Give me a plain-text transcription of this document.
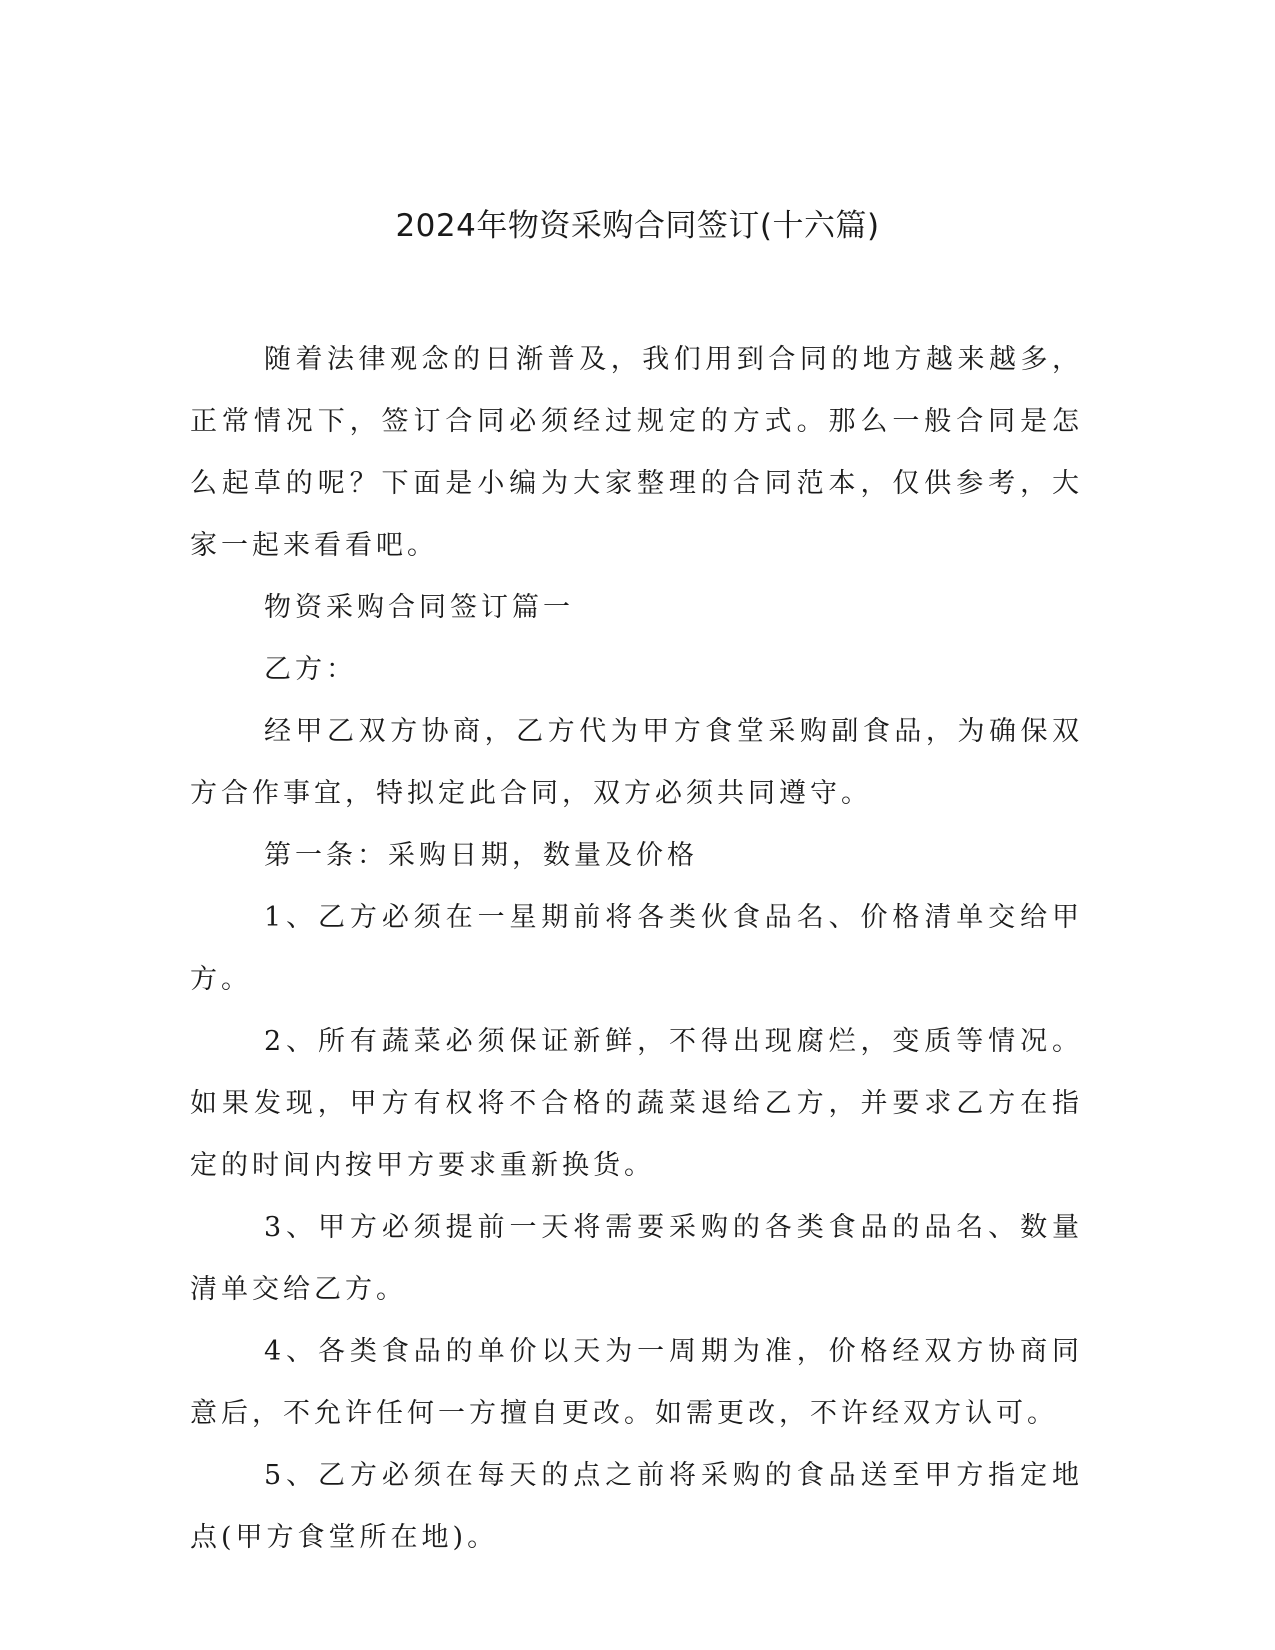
2024年物资采购合同签订(十六篇)

随着法律观念的日渐普及，我们用到合同的地方越来越多，正常情况下，签订合同必须经过规定的方式。那么一般合同是怎么起草的呢？下面是小编为大家整理的合同范本，仅供参考，大家一起来看看吧。

物资采购合同签订篇一

乙方：

经甲乙双方协商，乙方代为甲方食堂采购副食品，为确保双方合作事宜，特拟定此合同，双方必须共同遵守。

第一条：采购日期，数量及价格

1、乙方必须在一星期前将各类伙食品名、价格清单交给甲方。

2、所有蔬菜必须保证新鲜，不得出现腐烂，变质等情况。如果发现，甲方有权将不合格的蔬菜退给乙方，并要求乙方在指定的时间内按甲方要求重新换货。

3、甲方必须提前一天将需要采购的各类食品的品名、数量清单交给乙方。

4、各类食品的单价以天为一周期为准，价格经双方协商同意后，不允许任何一方擅自更改。如需更改，不许经双方认可。

5、乙方必须在每天的点之前将采购的食品送至甲方指定地点(甲方食堂所在地)。
